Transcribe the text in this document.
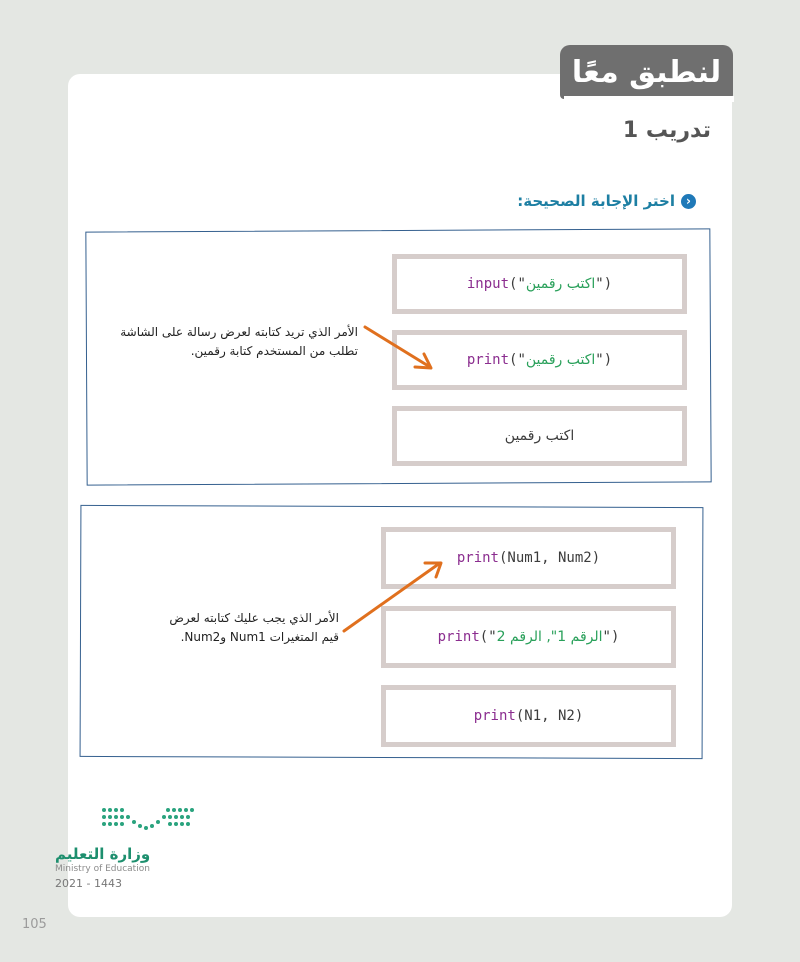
لنطبق معًا
تدريب 1
‹
اختر الإجابة الصحيحة:
input (" اكتب رقمين ")
print (" اكتب رقمين ")
اكتب رقمين
الأمر الذي تريد كتابته لعرض رسالة على الشاشة
تطلب من المستخدم كتابة رقمين.
print (Num1, Num2)
print (" الرقم 1", الرقم 2 ")
print (N1, N2)
الأمر الذي يجب عليك كتابته لعرض
قيم المتغيرات Num1 وNum2.
وزارة التعليم
Ministry of Education
2021 - 1443
105
